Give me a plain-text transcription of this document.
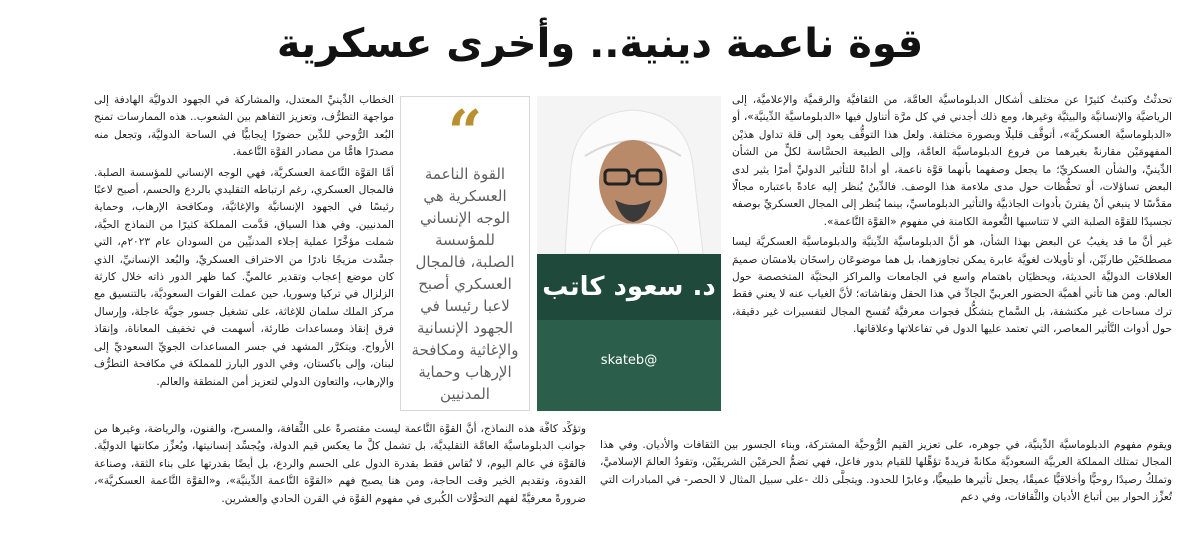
قوة ناعمة دينية.. وأخرى عسكرية

تحدثْتُ وكتبتُ كثيرًا عن مختلف أشكال الدبلوماسيَّة العامَّة، من الثقافيَّة والرقميَّة والإعلاميَّة، إلى الرياضيَّة والإنسانيَّة والبيئيَّة وغيرها، ومع ذلك أجدني في كل مرَّة أتناول فيها «الدبلوماسيَّة الدِّينيَّة»، أو «الدبلوماسيَّة العسكريَّة»، أتوقَّف قليلًا وبصورة مختلفة. ولعل هذا التوقُّف يعود إلى قلة تداول هذيْن المفهومَيْن مقارنةً بغيرهما من فروع الدبلوماسيَّة العامَّة، وإلى الطبيعة الحسَّاسة لكلٍّ من الشأن الدِّينيِّ، والشأن العسكريِّ؛ ما يجعل وصفهما بأنهما قوَّة ناعمة، أو أداةً للتأثير الدوليِّ أمرًا يثير لدى البعض تساؤلات، أو تحفُّظات حول مدى ملاءمة هذا الوصف. فالدِّينُ يُنظر إليه عادةً باعتباره مجالًا مقدَّسًا لا ينبغي أنْ يقترنَ بأدوات الجاذبيَّة والتأثير الدبلوماسيِّ، بينما يُنظر إلى المجال العسكريِّ بوصفه تجسيدًا للقوَّة الصلبة التي لا تتناسبها النُّعومة الكامنة في مفهوم «القوَّة النَّاعمة».

غير أنَّ ما قد يغيبُ عن البعض بهذا الشأن، هو أنَّ الدبلوماسيَّة الدِّينيَّة والدبلوماسيَّة العسكريَّة ليسا مصطلحَيْن طارئَيْن، أو تأويلات لغويَّة عابرة يمكن تجاوزهما، بل هما موضوعَان راسخَان بلامسَان صميمَ العلاقات الدوليَّة الحديثة، ويحظيَان باهتمام واسع في الجامعات والمراكز البحثيَّة المتخصصة حول العالم. ومن هنا تأتي أهميَّة الحضور العربيِّ الجادِّ في هذا الحقل ونقاشاته؛ لأنَّ الغياب عنه لا يعني فقط ترك مساحات غير مكتشفة، بل السَّماح بتشكُّل فجوات معرفيَّة تُفسح المجال لتفسيرات غير دقيقة، حول أدوات التَّأثير المعاصر، التي تعتمد عليها الدول في تفاعلاتها وعلاقاتها.

د. سعود كاتب
@skateb
“
القوة الناعمة العسكرية هي الوجه الإنساني للمؤسسة الصلبة، فالمجال العسكري أصبح لاعبا رئيسا في الجهود الإنسانية والإغاثية ومكافحة الإرهاب وحماية المدنيين

الخطاب الدِّينيِّ المعتدل، والمشاركة في الجهود الدوليَّة الهادفة إلى مواجهة التطرُّف، وتعزيز التفاهم بين الشعوب.. هذه الممارسات تمنح البُعد الرُّوحي للدِّين حضورًا إيجابيًّا في الساحة الدوليَّة، وتجعل منه مصدرًا هامًّا من مصادر القوَّة النَّاعمة.

أمَّا القوَّة النَّاعمة العسكريَّة، فهي الوجه الإنساني للمؤسسة الصلبة. فالمجال العسكري، رغم ارتباطه التقليدي بالردع والحسم، أصبح لاعبًا رئيسًا في الجهود الإنسانيَّة والإغاثيَّة، ومكافحة الإرهاب، وحماية المدنيين. وفي هذا السياق، قدَّمت المملكة كثيرًا من النماذج الحيَّة، شملت مؤخَّرًا عملية إجلاء المدنيِّين من السودان عام ٢٠٢٣م، التي جسَّدت مزيجًا نادرًا من الاحتراف العسكريِّ، والبُعد الإنسانيِّ، الذي كان موضع إعجاب وتقدير عالميٍّ. كما ظهر الدور ذاته خلال كارثة الزلزال في تركيا وسوريا، حين عملت القوات السعوديَّة، بالتنسيق مع مركز الملك سلمان للإغاثة، على تشغيل جسور جويَّة عاجلة، وإرسال فرق إنقاذ ومساعدات طارئة، أسهمت في تخفيف المعاناة، وإنقاذ الأرواح. ويتكرَّر المشهد في جسر المساعدات الجويِّ السعوديِّ إلى لبنان، وإلى باكستان، وفي الدور البارز للمملكة في مكافحة التطرُّف والإرهاب، والتعاون الدولي لتعزيز أمن المنطقة والعالم.

وتؤكِّد كافَّة هذه النماذج، أنَّ القوَّة النَّاعمة ليست مقتصرةً على الثَّقافة، والمسرح، والفنون، والرياضة، وغيرها من جوانب الدبلوماسيَّة العامَّة التقليديَّة، بل تشمل كلَّ ما يعكس قيم الدولة، ويُجسِّد إنسانيتها، ويُعزِّز مكانتها الدوليَّة. فالقوَّة في عالم اليوم، لا تُقاس فقط بقدرة الدول على الحسم والردع، بل أيضًا بقدرتها على بناء الثقة، وصناعة القدوة، وتقديم الخير وقت الحاجة، ومن هنا يصبح فهم «القوَّة النَّاعمة الدِّينيَّة»، و«القوَّة النَّاعمة العسكريَّة»، ضرورةً معرفيَّةً لفهم التحوُّلات الكُبرى في مفهوم القوَّة في القرن الحادي والعشرين.

ويقوم مفهوم الدبلوماسيَّة الدِّينيَّة، في جوهره، على تعزيز القيم الرُّوحيَّة المشتركة، وبناء الجسور بين الثقافات والأديان. وفي هذا المجال تمتلك المملكة العربيَّة السعوديَّة مكانةً فريدةً تؤهِّلها للقيام بدور فاعل، فهي تضمُّ الحرمَيْن الشريفَيْن، وتقودُ العالمَ الإسلاميَّ، وتملكُ رصيدًا روحيًّا وأخلاقيًّا عميقًا، يجعل تأثيرها طبيعيًّا، وعابرًا للحدود. ويتجلَّى ذلك -على سبيل المثال لا الحصر- في المبادرات التي تُعزِّز الحوار بين أتباع الأديان والثَّقافات، وفي دعم
